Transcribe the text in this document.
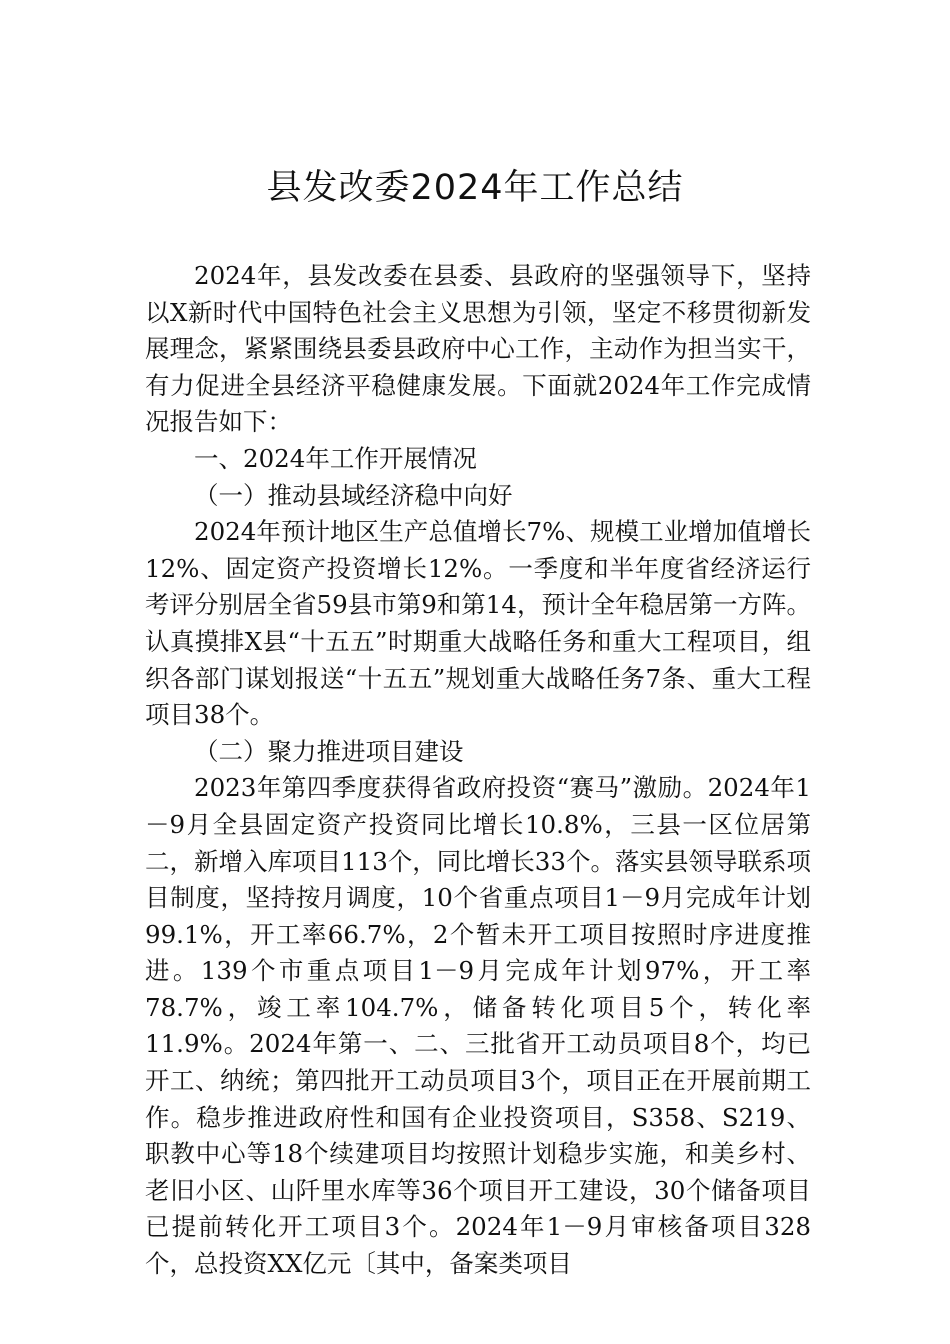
县发改委2024年工作总结

2024年，县发改委在县委、县政府的坚强领导下，坚持以X新时代中国特色社会主义思想为引领，坚定不移贯彻新发展理念，紧紧围绕县委县政府中心工作，主动作为担当实干，有力促进全县经济平稳健康发展。下面就2024年工作完成情况报告如下：

一、2024年工作开展情况
（一）推动县域经济稳中向好

2024年预计地区生产总值增长7%、规模工业增加值增长12%、固定资产投资增长12%。一季度和半年度省经济运行考评分别居全省59县市第9和第14，预计全年稳居第一方阵。认真摸排X县“十五五”时期重大战略任务和重大工程项目，组织各部门谋划报送“十五五”规划重大战略任务7条、重大工程项目38个。

（二）聚力推进项目建设

2023年第四季度获得省政府投资“赛马”激励。2024年1－9月全县固定资产投资同比增长10.8%，三县一区位居第二，新增入库项目113个，同比增长33个。落实县领导联系项目制度，坚持按月调度，10个省重点项目1－9月完成年计划99.1%，开工率66.7%，2个暂未开工项目按照时序进度推进。139个市重点项目1－9月完成年计划97%，开工率78.7%，竣工率104.7%，储备转化项目5个，转化率11.9%。2024年第一、二、三批省开工动员项目8个，均已开工、纳统；第四批开工动员项目3个，项目正在开展前期工作。稳步推进政府性和国有企业投资项目，S358、S219、职教中心等18个续建项目均按照计划稳步实施，和美乡村、老旧小区、山阡里水库等36个项目开工建设，30个储备项目已提前转化开工项目3个。2024年1－9月审核备项目328个，总投资XX亿元〔其中，备案类项目
